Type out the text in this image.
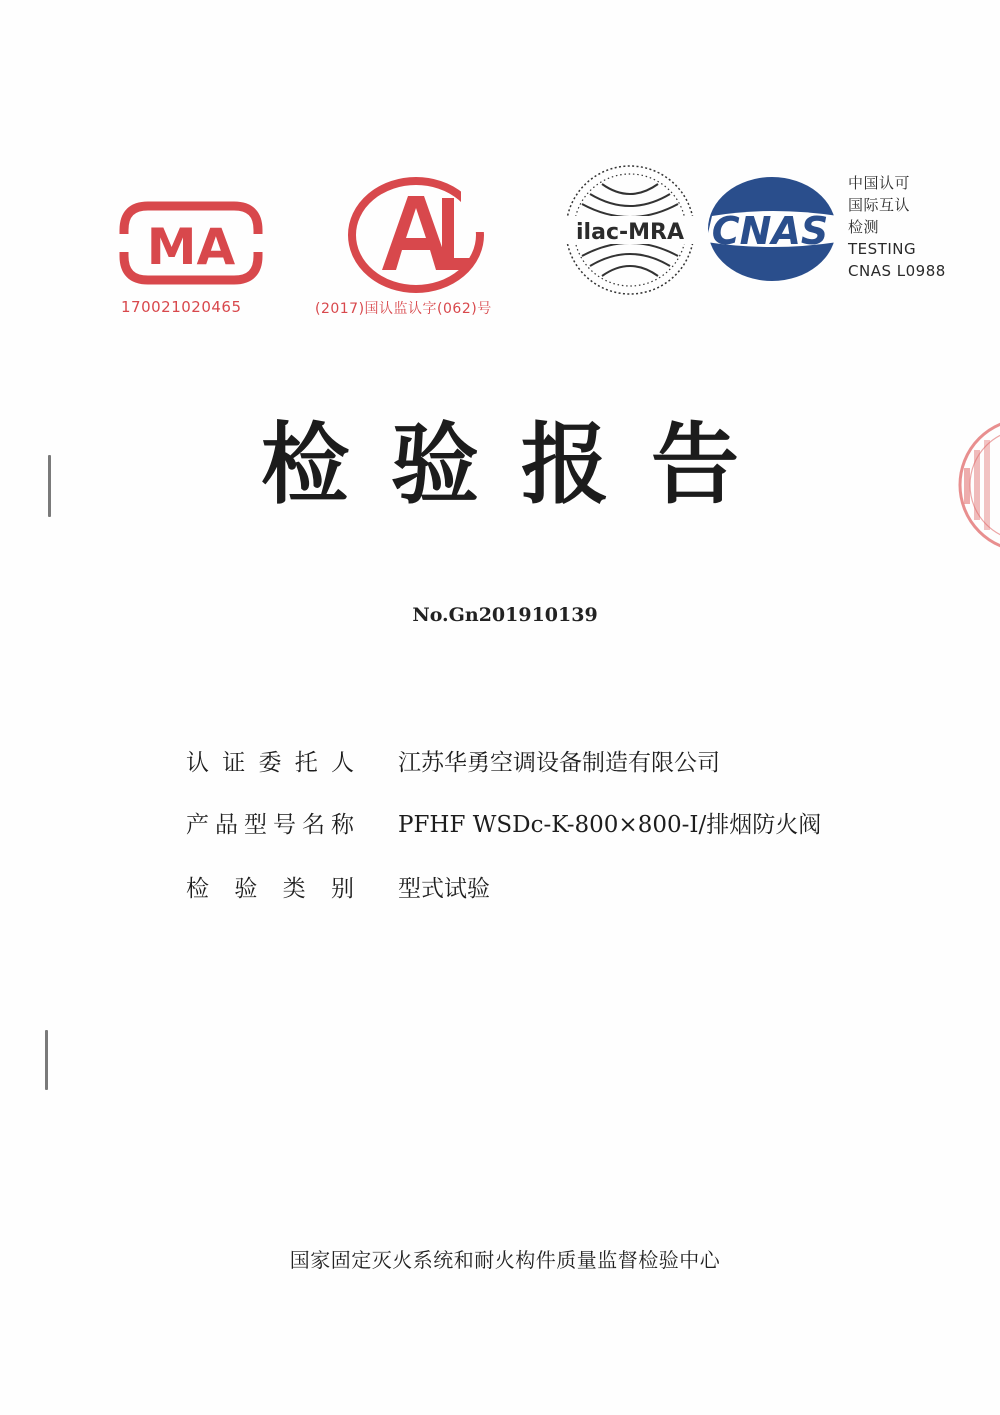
MA
170021020465	(2017)国认监认字(062)号
ilac-MRA CNAS
中国认可
国际互认
检测
TESTING
CNAS L0988
检验报告
No.Gn201910139
认 证 委 托 人 江苏华勇空调设备制造有限公司
产 品 型 号 名 称 PFHF WSDc-K-800×800-Ⅰ/排烟防火阀
检 验 类 别 型式试验
国家固定灭火系统和耐火构件质量监督检验中心
